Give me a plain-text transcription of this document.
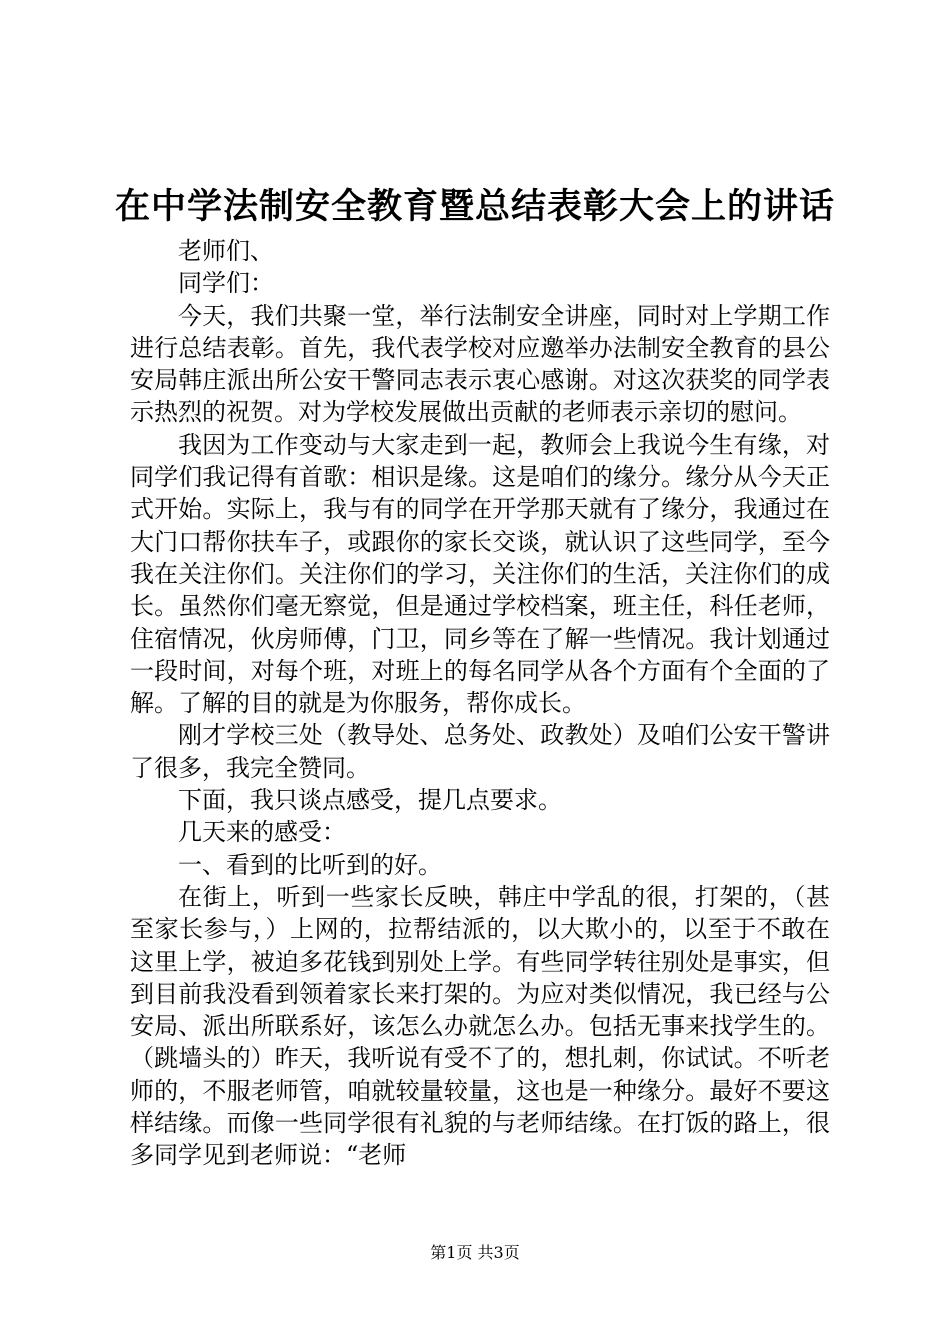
在中学法制安全教育暨总结表彰大会上的讲话

老师们、

同学们：

今天，我们共聚一堂，举行法制安全讲座，同时对上学期工作进行总结表彰。首先，我代表学校对应邀举办法制安全教育的县公安局韩庄派出所公安干警同志表示衷心感谢。对这次获奖的同学表示热烈的祝贺。对为学校发展做出贡献的老师表示亲切的慰问。

我因为工作变动与大家走到一起，教师会上我说今生有缘，对同学们我记得有首歌：相识是缘。这是咱们的缘分。缘分从今天正式开始。实际上，我与有的同学在开学那天就有了缘分，我通过在大门口帮你扶车子，或跟你的家长交谈，就认识了这些同学，至今我在关注你们。关注你们的学习，关注你们的生活，关注你们的成长。虽然你们毫无察觉，但是通过学校档案，班主任，科任老师，住宿情况，伙房师傅，门卫，同乡等在了解一些情况。我计划通过一段时间，对每个班，对班上的每名同学从各个方面有个全面的了解。了解的目的就是为你服务，帮你成长。

刚才学校三处（教导处、总务处、政教处）及咱们公安干警讲了很多，我完全赞同。

下面，我只谈点感受，提几点要求。

几天来的感受：

一、看到的比听到的好。

在街上，听到一些家长反映，韩庄中学乱的很，打架的，（甚至家长参与，）上网的，拉帮结派的，以大欺小的，以至于不敢在这里上学，被迫多花钱到别处上学。有些同学转往别处是事实，但到目前我没看到领着家长来打架的。为应对类似情况，我已经与公安局、派出所联系好，该怎么办就怎么办。包括无事来找学生的。（跳墙头的）昨天，我听说有受不了的，想扎刺，你试试。不听老师的，不服老师管，咱就较量较量，这也是一种缘分。最好不要这样结缘。而像一些同学很有礼貌的与老师结缘。在打饭的路上，很多同学见到老师说：“老师

第1页 共3页
